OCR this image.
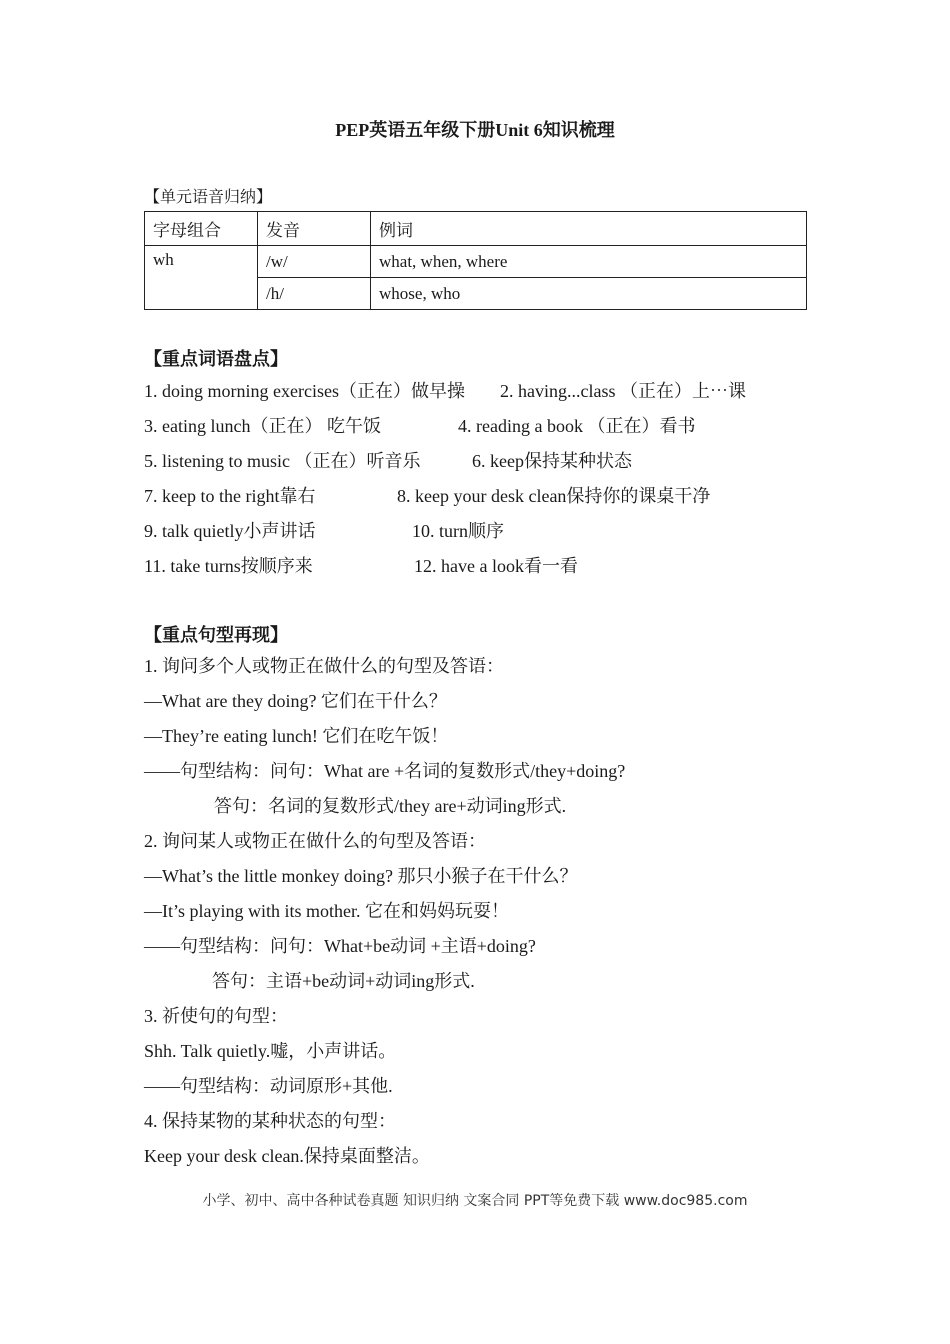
PEP英语五年级下册Unit 6知识梳理
【单元语音归纳】
字母组合	发音	例词
wh	/w/	what, when, where
	/h/	whose, who
【重点词语盘点】
1. doing morning exercises（正在）做早操 2. having...class （正在）上⋯课
3. eating lunch（正在） 吃午饭	4. reading a book （正在）看书
5. listening to music （正在）听音乐	6. keep保持某种状态
7. keep to the right靠右	8. keep your desk clean保持你的课桌干净
9. talk quietly小声讲话	10. turn顺序
11. take turns按顺序来	12. have a look看一看
【重点句型再现】
1. 询问多个人或物正在做什么的句型及答语：
—What are they doing? 它们在干什么？
—They’re eating lunch! 它们在吃午饭！
——句型结构：问句：What are +名词的复数形式/they+doing?
答句：名词的复数形式/they are+动词ing形式.
2. 询问某人或物正在做什么的句型及答语：
—What’s the little monkey doing? 那只小猴子在干什么？
—It’s playing with its mother. 它在和妈妈玩耍！
——句型结构：问句：What+be动词 +主语+doing?
答句：主语+be动词+动词ing形式.
3. 祈使句的句型：
Shh. Talk quietly.嘘，小声讲话。
——句型结构：动词原形+其他.
4. 保持某物的某种状态的句型：
Keep your desk clean.保持桌面整洁。
小学、初中、高中各种试卷真题 知识归纳 文案合同 PPT等免费下载 www.doc985.com
